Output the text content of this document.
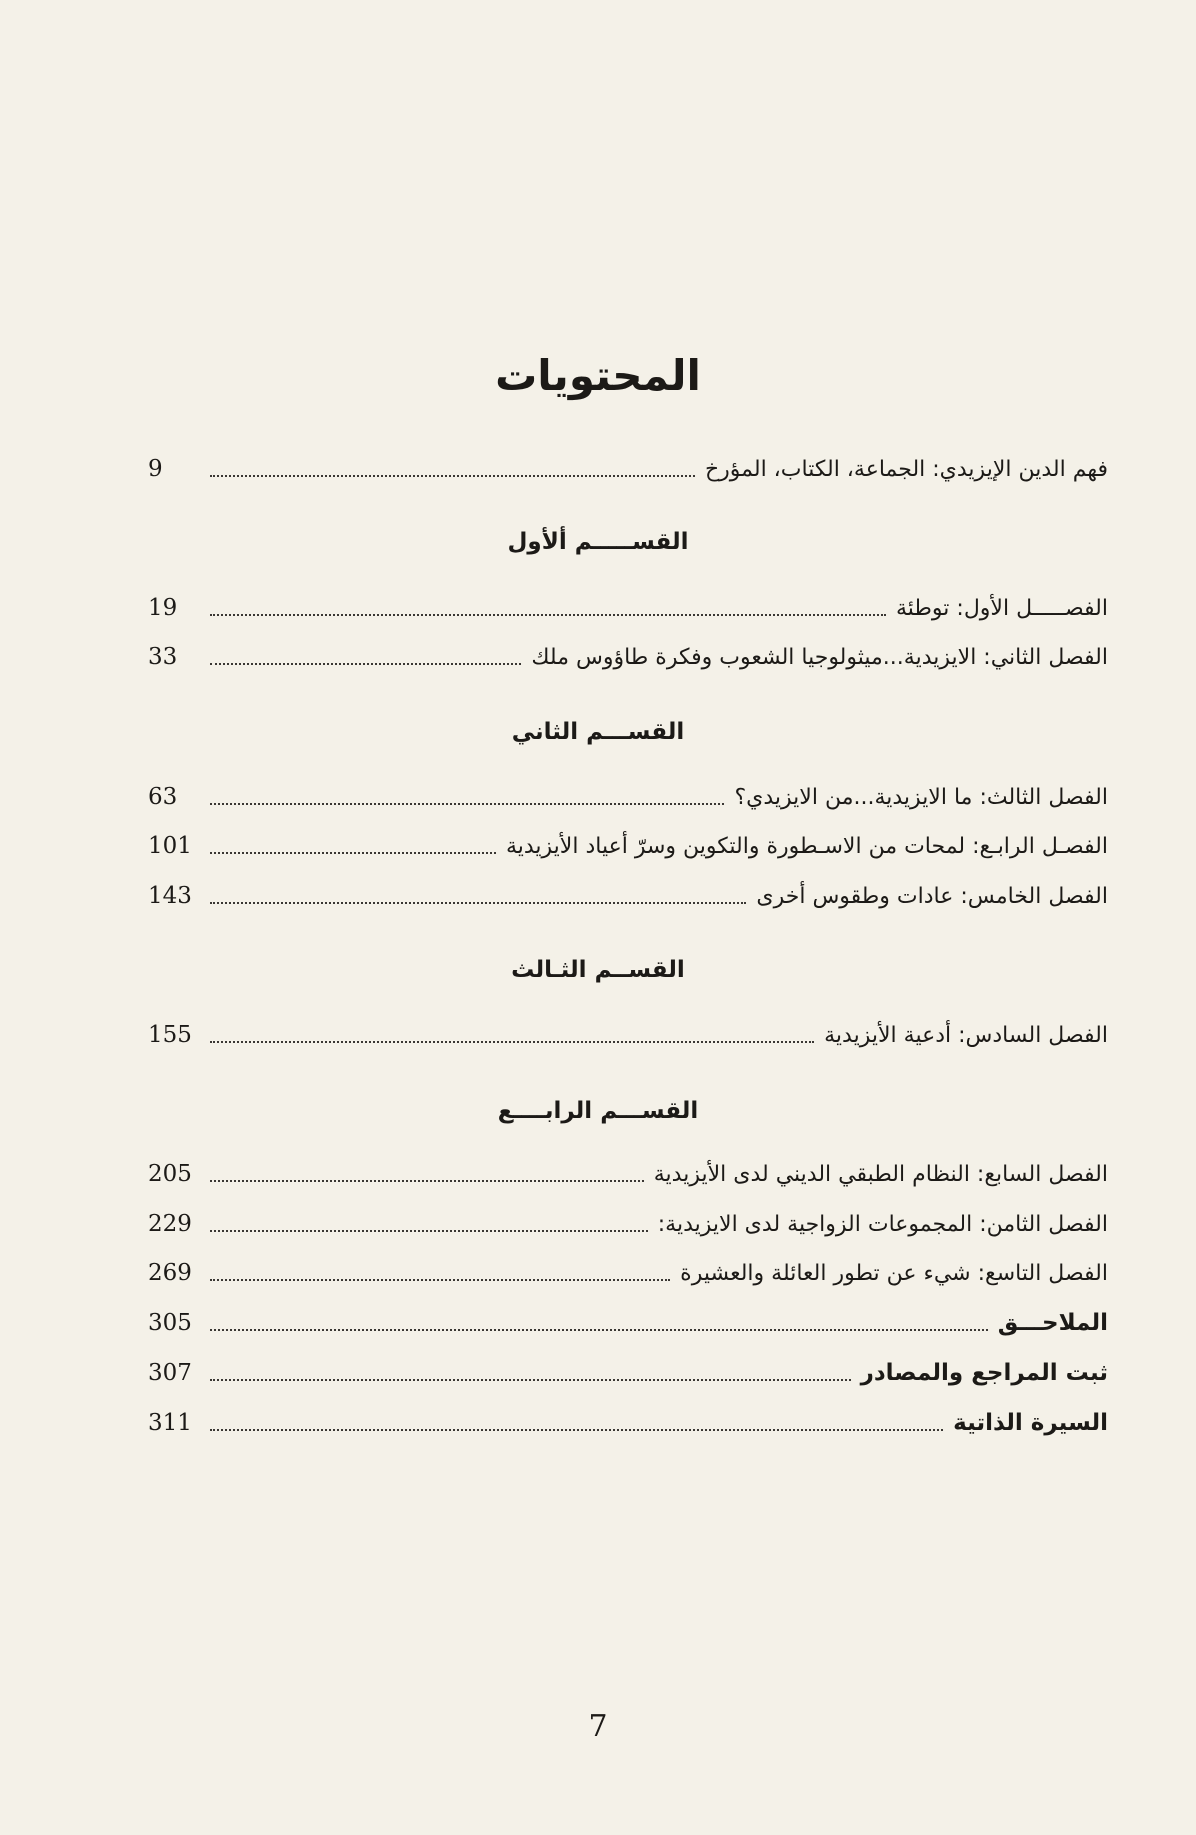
المحتويات
9	فهم الدين الإيزيدي: الجماعة، الكتاب، المؤرخ
القســـــم ألأول
19	الفصـــــل الأول: توطئة
33	الفصل الثاني: الايزيدية...ميثولوجيا الشعوب وفكرة طاؤوس ملك
القســـم الثاني
63	الفصل الثالث: ما الايزيدية...من الايزيدي؟
101	الفصـل الرابـع: لمحات من الاسـطورة والتكوين وسرّ أعياد الأيزيدية
143	الفصل الخامس: عادات وطقوس أخرى
القســم الثـالث
155	الفصل السادس: أدعية الأيزيدية
القســـم الرابــــع
205	الفصل السابع: النظام الطبقي الديني لدى الأيزيدية
229	الفصل الثامن: المجموعات الزواجية لدى الايزيدية:
269	الفصل التاسع: شيء عن تطور العائلة والعشيرة
305	الملاحـــق
307	ثبت المراجع والمصادر
311	السيرة الذاتية
7
